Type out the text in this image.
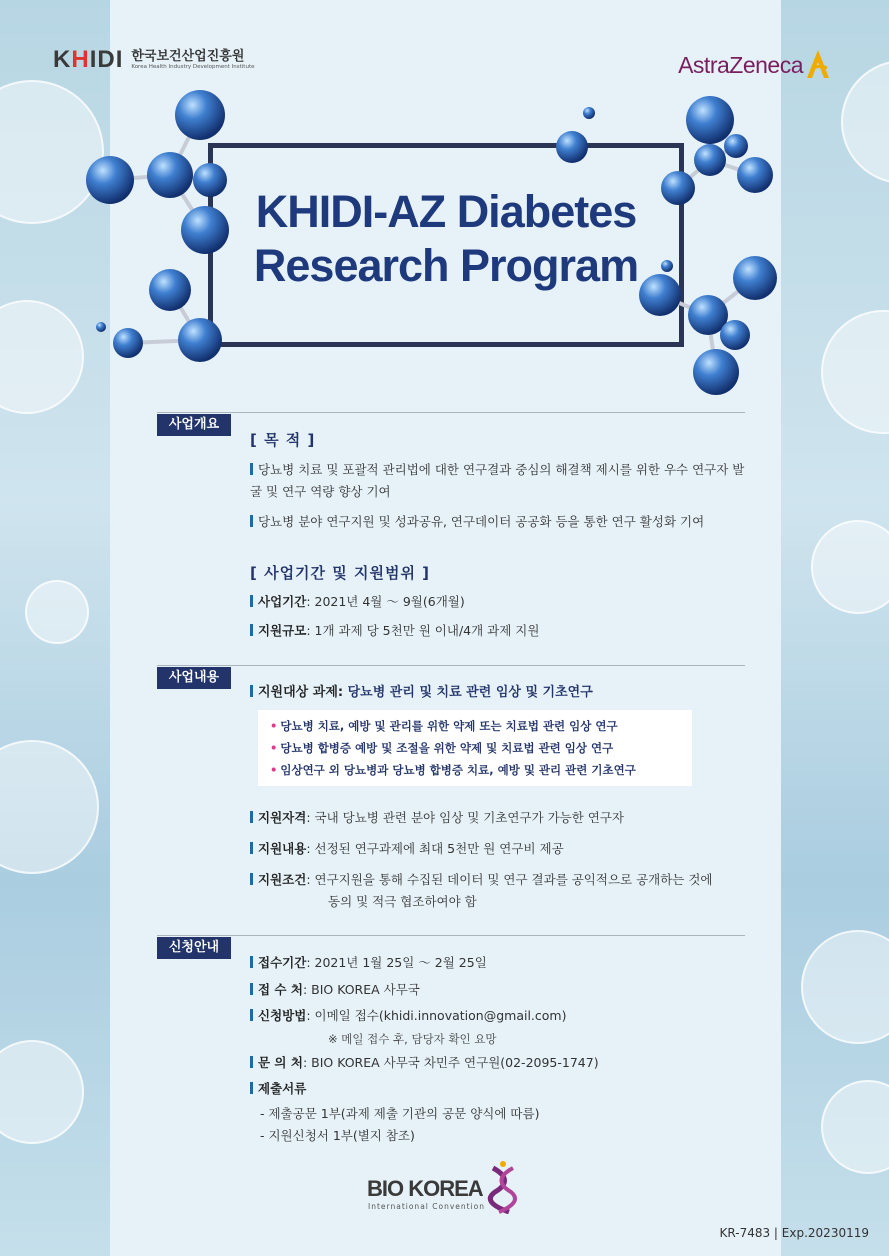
KHIDI 한국보건산업진흥원
Korea Health Industry Development Institute	AstraZeneca
KHIDI-AZ Diabetes
Research Program
사업개요
[ 목 적 ]
당뇨병 치료 및 포괄적 관리법에 대한 연구결과 중심의 해결책 제시를 위한 우수 연구자 발굴 및 연구 역량 향상 기여
당뇨병 분야 연구지원 및 성과공유, 연구데이터 공공화 등을 통한 연구 활성화 기여
[ 사업기간 및 지원범위 ]
사업기간: 2021년 4월 ～ 9월(6개월)
지원규모: 1개 과제 당 5천만 원 이내/4개 과제 지원
사업내용
지원대상 과제: 당뇨병 관리 및 치료 관련 임상 및 기초연구
• 당뇨병 치료, 예방 및 관리를 위한 약제 또는 치료법 관련 임상 연구
• 당뇨병 합병증 예방 및 조절을 위한 약제 및 치료법 관련 임상 연구
• 임상연구 외 당뇨병과 당뇨병 합병증 치료, 예방 및 관리 관련 기초연구
지원자격: 국내 당뇨병 관련 분야 임상 및 기초연구가 가능한 연구자
지원내용: 선정된 연구과제에 최대 5천만 원 연구비 제공
지원조건: 연구지원을 통해 수집된 데이터 및 연구 결과를 공익적으로 공개하는 것에
동의 및 적극 협조하여야 함
신청안내
접수기간: 2021년 1월 25일 ～ 2월 25일
접 수 처: BIO KOREA 사무국
신청방법: 이메일 접수(khidi.innovation@gmail.com)
※ 메일 접수 후, 담당자 확인 요망
문 의 처: BIO KOREA 사무국 차민주 연구원(02-2095-1747)
제출서류
- 제출공문 1부(과제 제출 기관의 공문 양식에 따름)
- 지원신청서 1부(별지 참조)
BIO KOREA
International Convention
KR-7483 | Exp.20230119
